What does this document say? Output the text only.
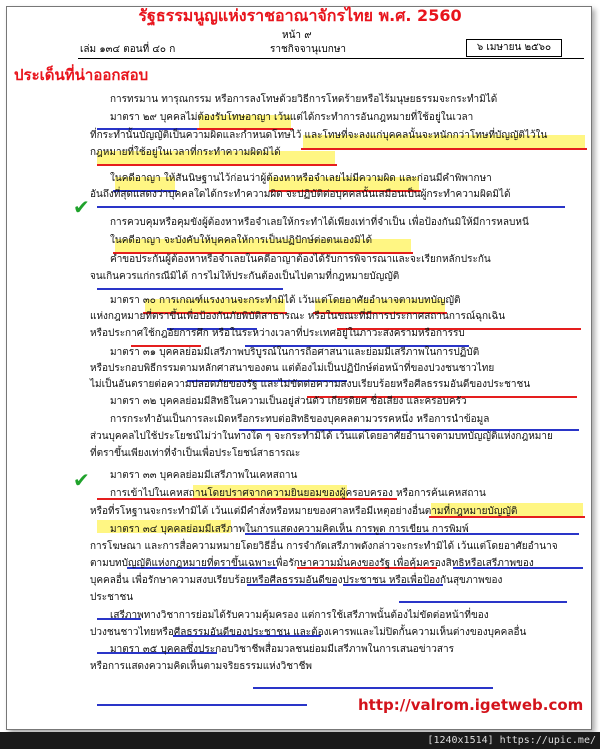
✔
✔
รัฐธรรมนูญแห่งราชอาณาจักรไทย พ.ศ. 2560
หน้า ๙
เล่ม ๑๓๔ ตอนที่ ๔๐ ก	ราชกิจจานุเบกษา	๖ เมษายน ๒๕๖๐
ประเด็นที่น่าออกสอบ
การทรมาน ทารุณกรรม หรือการลงโทษด้วยวิธีการโหดร้ายหรือไร้มนุษยธรรมจะกระทำมิได้
มาตรา ๒๙ บุคคลไม่ต้องรับโทษอาญา เว้นแต่ได้กระทำการอันกฎหมายที่ใช้อยู่ในเวลา
ที่กระทำนั้นบัญญัติเป็นความผิดและกำหนดโทษไว้ และโทษที่จะลงแก่บุคคลนั้นจะหนักกว่าโทษที่บัญญัติไว้ใน
กฎหมายที่ใช้อยู่ในเวลาที่กระทำความผิดมิได้
ในคดีอาญา ให้สันนิษฐานไว้ก่อนว่าผู้ต้องหาหรือจำเลยไม่มีความผิด และก่อนมีคำพิพากษา
อันถึงที่สุดแสดงว่าบุคคลใดได้กระทำความผิด จะปฏิบัติต่อบุคคลนั้นเสมือนเป็นผู้กระทำความผิดมิได้
การควบคุมหรือคุมขังผู้ต้องหาหรือจำเลยให้กระทำได้เพียงเท่าที่จำเป็น เพื่อป้องกันมิให้มีการหลบหนี
ในคดีอาญา จะบังคับให้บุคคลให้การเป็นปฏิปักษ์ต่อตนเองมิได้
คำขอประกันผู้ต้องหาหรือจำเลยในคดีอาญาต้องได้รับการพิจารณาและจะเรียกหลักประกัน
จนเกินควรแก่กรณีมิได้ การไม่ให้ประกันต้องเป็นไปตามที่กฎหมายบัญญัติ
มาตรา ๓๐ การเกณฑ์แรงงานจะกระทำมิได้ เว้นแต่โดยอาศัยอำนาจตามบทบัญญัติ
แห่งกฎหมายที่ตราขึ้นเพื่อป้องกันภัยพิบัติสาธารณะ หรือในขณะที่มีการประกาศสถานการณ์ฉุกเฉิน
หรือประกาศใช้กฎอัยการศึก หรือในระหว่างเวลาที่ประเทศอยู่ในภาวะสงครามหรือการรบ
มาตรา ๓๑ บุคคลย่อมมีเสรีภาพบริบูรณ์ในการถือศาสนาและย่อมมีเสรีภาพในการปฏิบัติ
หรือประกอบพิธีกรรมตามหลักศาสนาของตน แต่ต้องไม่เป็นปฏิปักษ์ต่อหน้าที่ของปวงชนชาวไทย
ไม่เป็นอันตรายต่อความปลอดภัยของรัฐ และไม่ขัดต่อความสงบเรียบร้อยหรือศีลธรรมอันดีของประชาชน
มาตรา ๓๒ บุคคลย่อมมีสิทธิในความเป็นอยู่ส่วนตัว เกียรติยศ ชื่อเสียง และครอบครัว
การกระทำอันเป็นการละเมิดหรือกระทบต่อสิทธิของบุคคลตามวรรคหนึ่ง หรือการนำข้อมูล
ส่วนบุคคลไปใช้ประโยชน์ไม่ว่าในทางใด ๆ จะกระทำมิได้ เว้นแต่โดยอาศัยอำนาจตามบทบัญญัติแห่งกฎหมาย
ที่ตราขึ้นเพียงเท่าที่จำเป็นเพื่อประโยชน์สาธารณะ
มาตรา ๓๓ บุคคลย่อมมีเสรีภาพในเคหสถาน
การเข้าไปในเคหสถานโดยปราศจากความยินยอมของผู้ครอบครอง หรือการค้นเคหสถาน
หรือที่รโหฐานจะกระทำมิได้ เว้นแต่มีคำสั่งหรือหมายของศาลหรือมีเหตุอย่างอื่นตามที่กฎหมายบัญญัติ
มาตรา ๓๔ บุคคลย่อมมีเสรีภาพในการแสดงความคิดเห็น การพูด การเขียน การพิมพ์
การโฆษณา และการสื่อความหมายโดยวิธีอื่น การจำกัดเสรีภาพดังกล่าวจะกระทำมิได้ เว้นแต่โดยอาศัยอำนาจ
ตามบทบัญญัติแห่งกฎหมายที่ตราขึ้นเฉพาะเพื่อรักษาความมั่นคงของรัฐ เพื่อคุ้มครองสิทธิหรือเสรีภาพของ
บุคคลอื่น เพื่อรักษาความสงบเรียบร้อยหรือศีลธรรมอันดีของประชาชน หรือเพื่อป้องกันสุขภาพของ
ประชาชน
เสรีภาพทางวิชาการย่อมได้รับความคุ้มครอง แต่การใช้เสรีภาพนั้นต้องไม่ขัดต่อหน้าที่ของ
ปวงชนชาวไทยหรือศีลธรรมอันดีของประชาชน และต้องเคารพและไม่ปิดกั้นความเห็นต่างของบุคคลอื่น
มาตรา ๓๕ บุคคลซึ่งประกอบวิชาชีพสื่อมวลชนย่อมมีเสรีภาพในการเสนอข่าวสาร
หรือการแสดงความคิดเห็นตามจริยธรรมแห่งวิชาชีพ
http://valrom.igetweb.com
[1240x1514] https://upic.me/
